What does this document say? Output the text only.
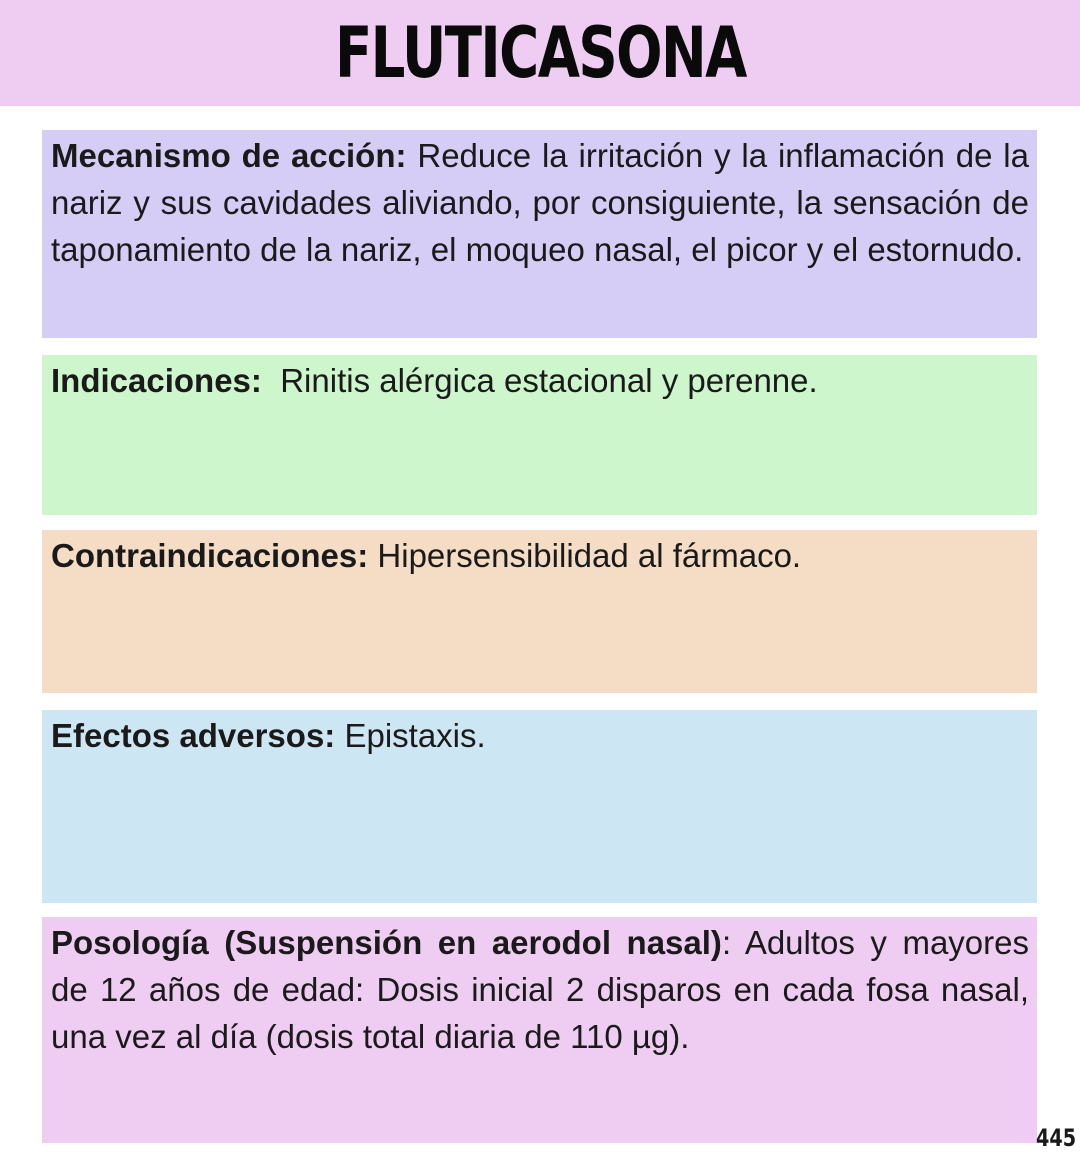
FLUTICASONA

Mecanismo de acción: Reduce la irritación y la inflamación de la nariz y sus cavidades aliviando, por consiguiente, la sensación de taponamiento de la nariz, el moqueo nasal, el picor y el estornudo.

Indicaciones:  Rinitis alérgica estacional y perenne.

Contraindicaciones: Hipersensibilidad al fármaco.

Efectos adversos: Epistaxis.

Posología (Suspensión en aerodol nasal): Adultos y mayores de 12 años de edad: Dosis inicial 2 disparos en cada fosa nasal, una vez al día (dosis total diaria de 110 µg).

445
